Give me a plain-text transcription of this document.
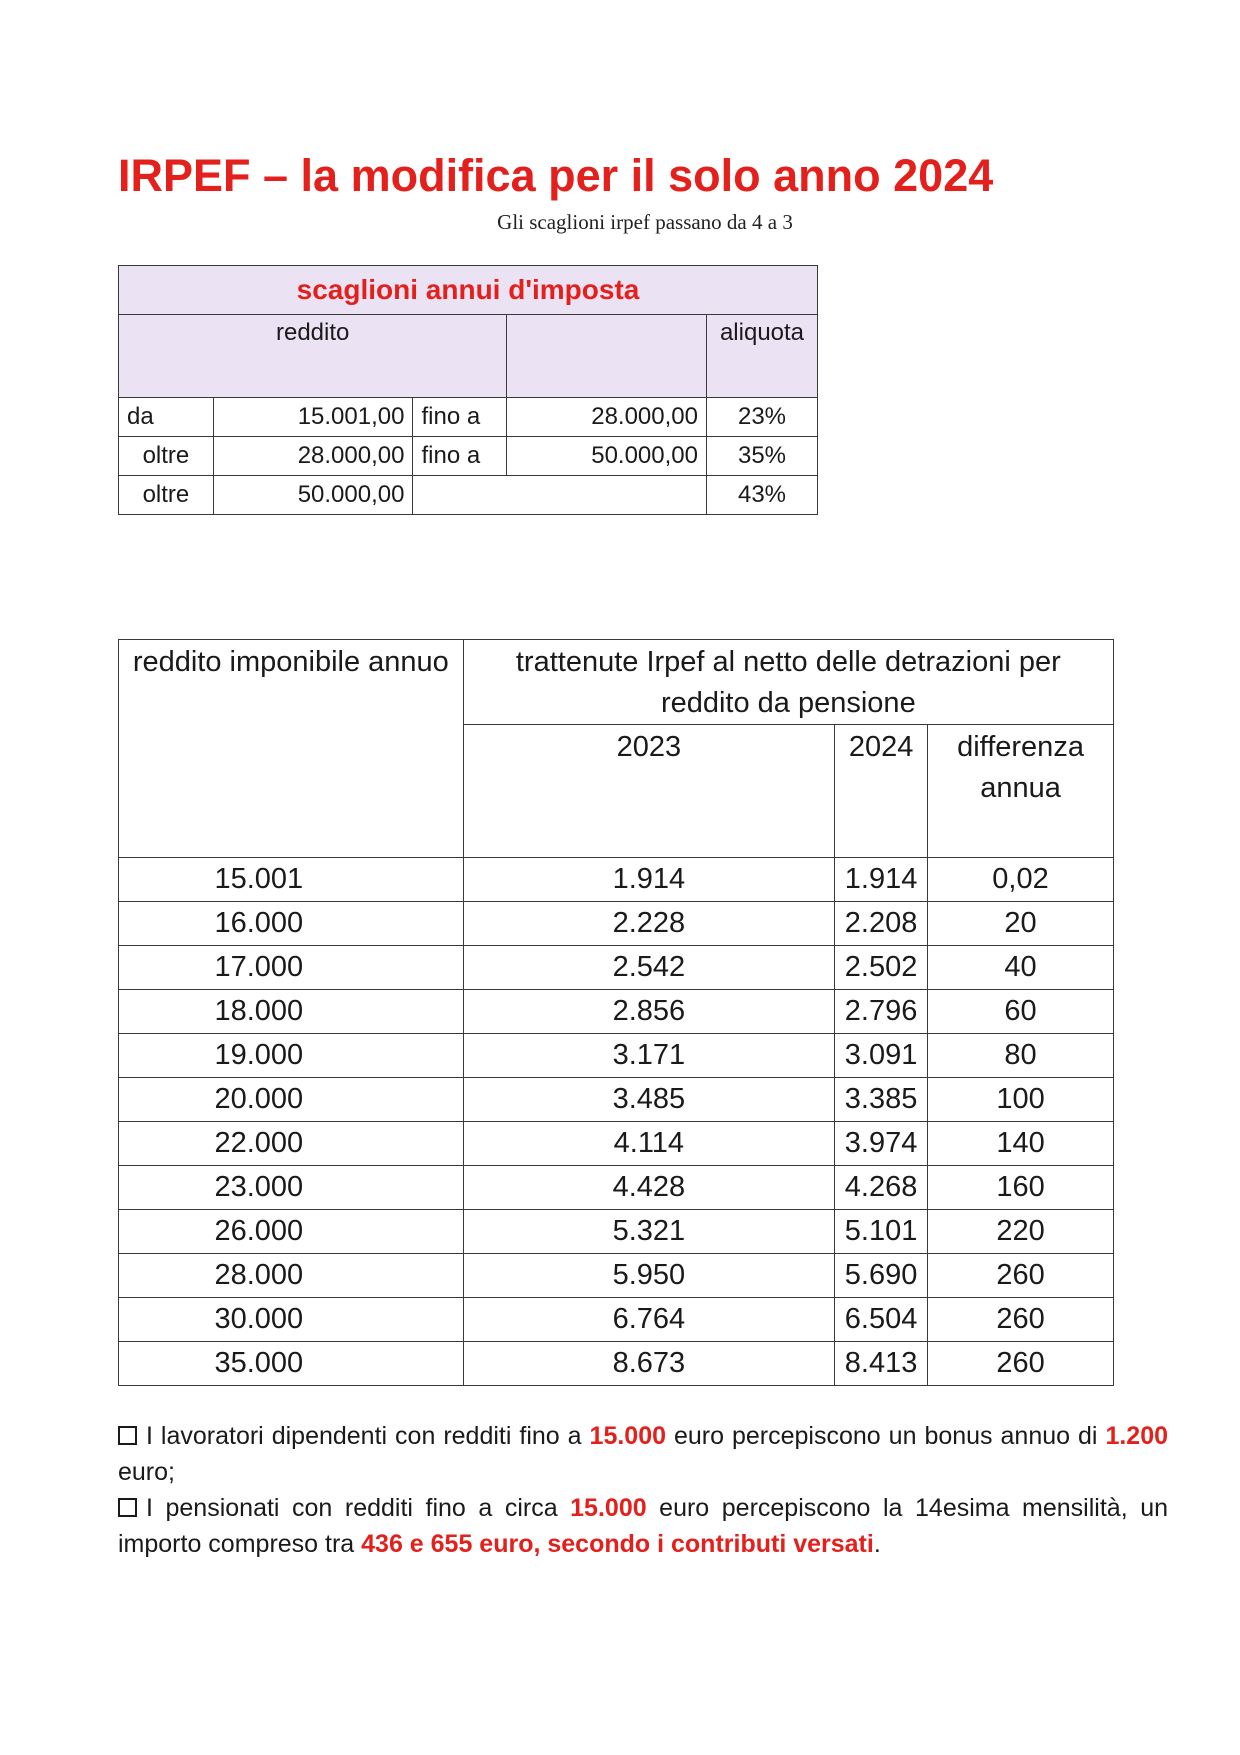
IRPEF – la modifica per il solo anno 2024
Gli scaglioni irpef passano da 4 a 3
scaglioni annui d'imposta				
reddito				aliquota
da	15.001,00	fino a	28.000,00	23%
oltre	28.000,00	fino a	50.000,00	35%
oltre	50.000,00			43%
reddito imponibile annuo	trattenute Irpef al netto delle detrazioni per reddito da pensione		
	2023	2024	differenza annua
15.001	1.914	1.914	0,02
16.000	2.228	2.208	20
17.000	2.542	2.502	40
18.000	2.856	2.796	60
19.000	3.171	3.091	80
20.000	3.485	3.385	100
22.000	4.114	3.974	140
23.000	4.428	4.268	160
26.000	5.321	5.101	220
28.000	5.950	5.690	260
30.000	6.764	6.504	260
35.000	8.673	8.413	260

I lavoratori dipendenti con redditi fino a 15.000 euro percepiscono un bonus annuo di 1.200 euro;

I pensionati con redditi fino a circa 15.000 euro percepiscono la 14esima mensilità, un importo compreso tra 436 e 655 euro, secondo i contributi versati.
